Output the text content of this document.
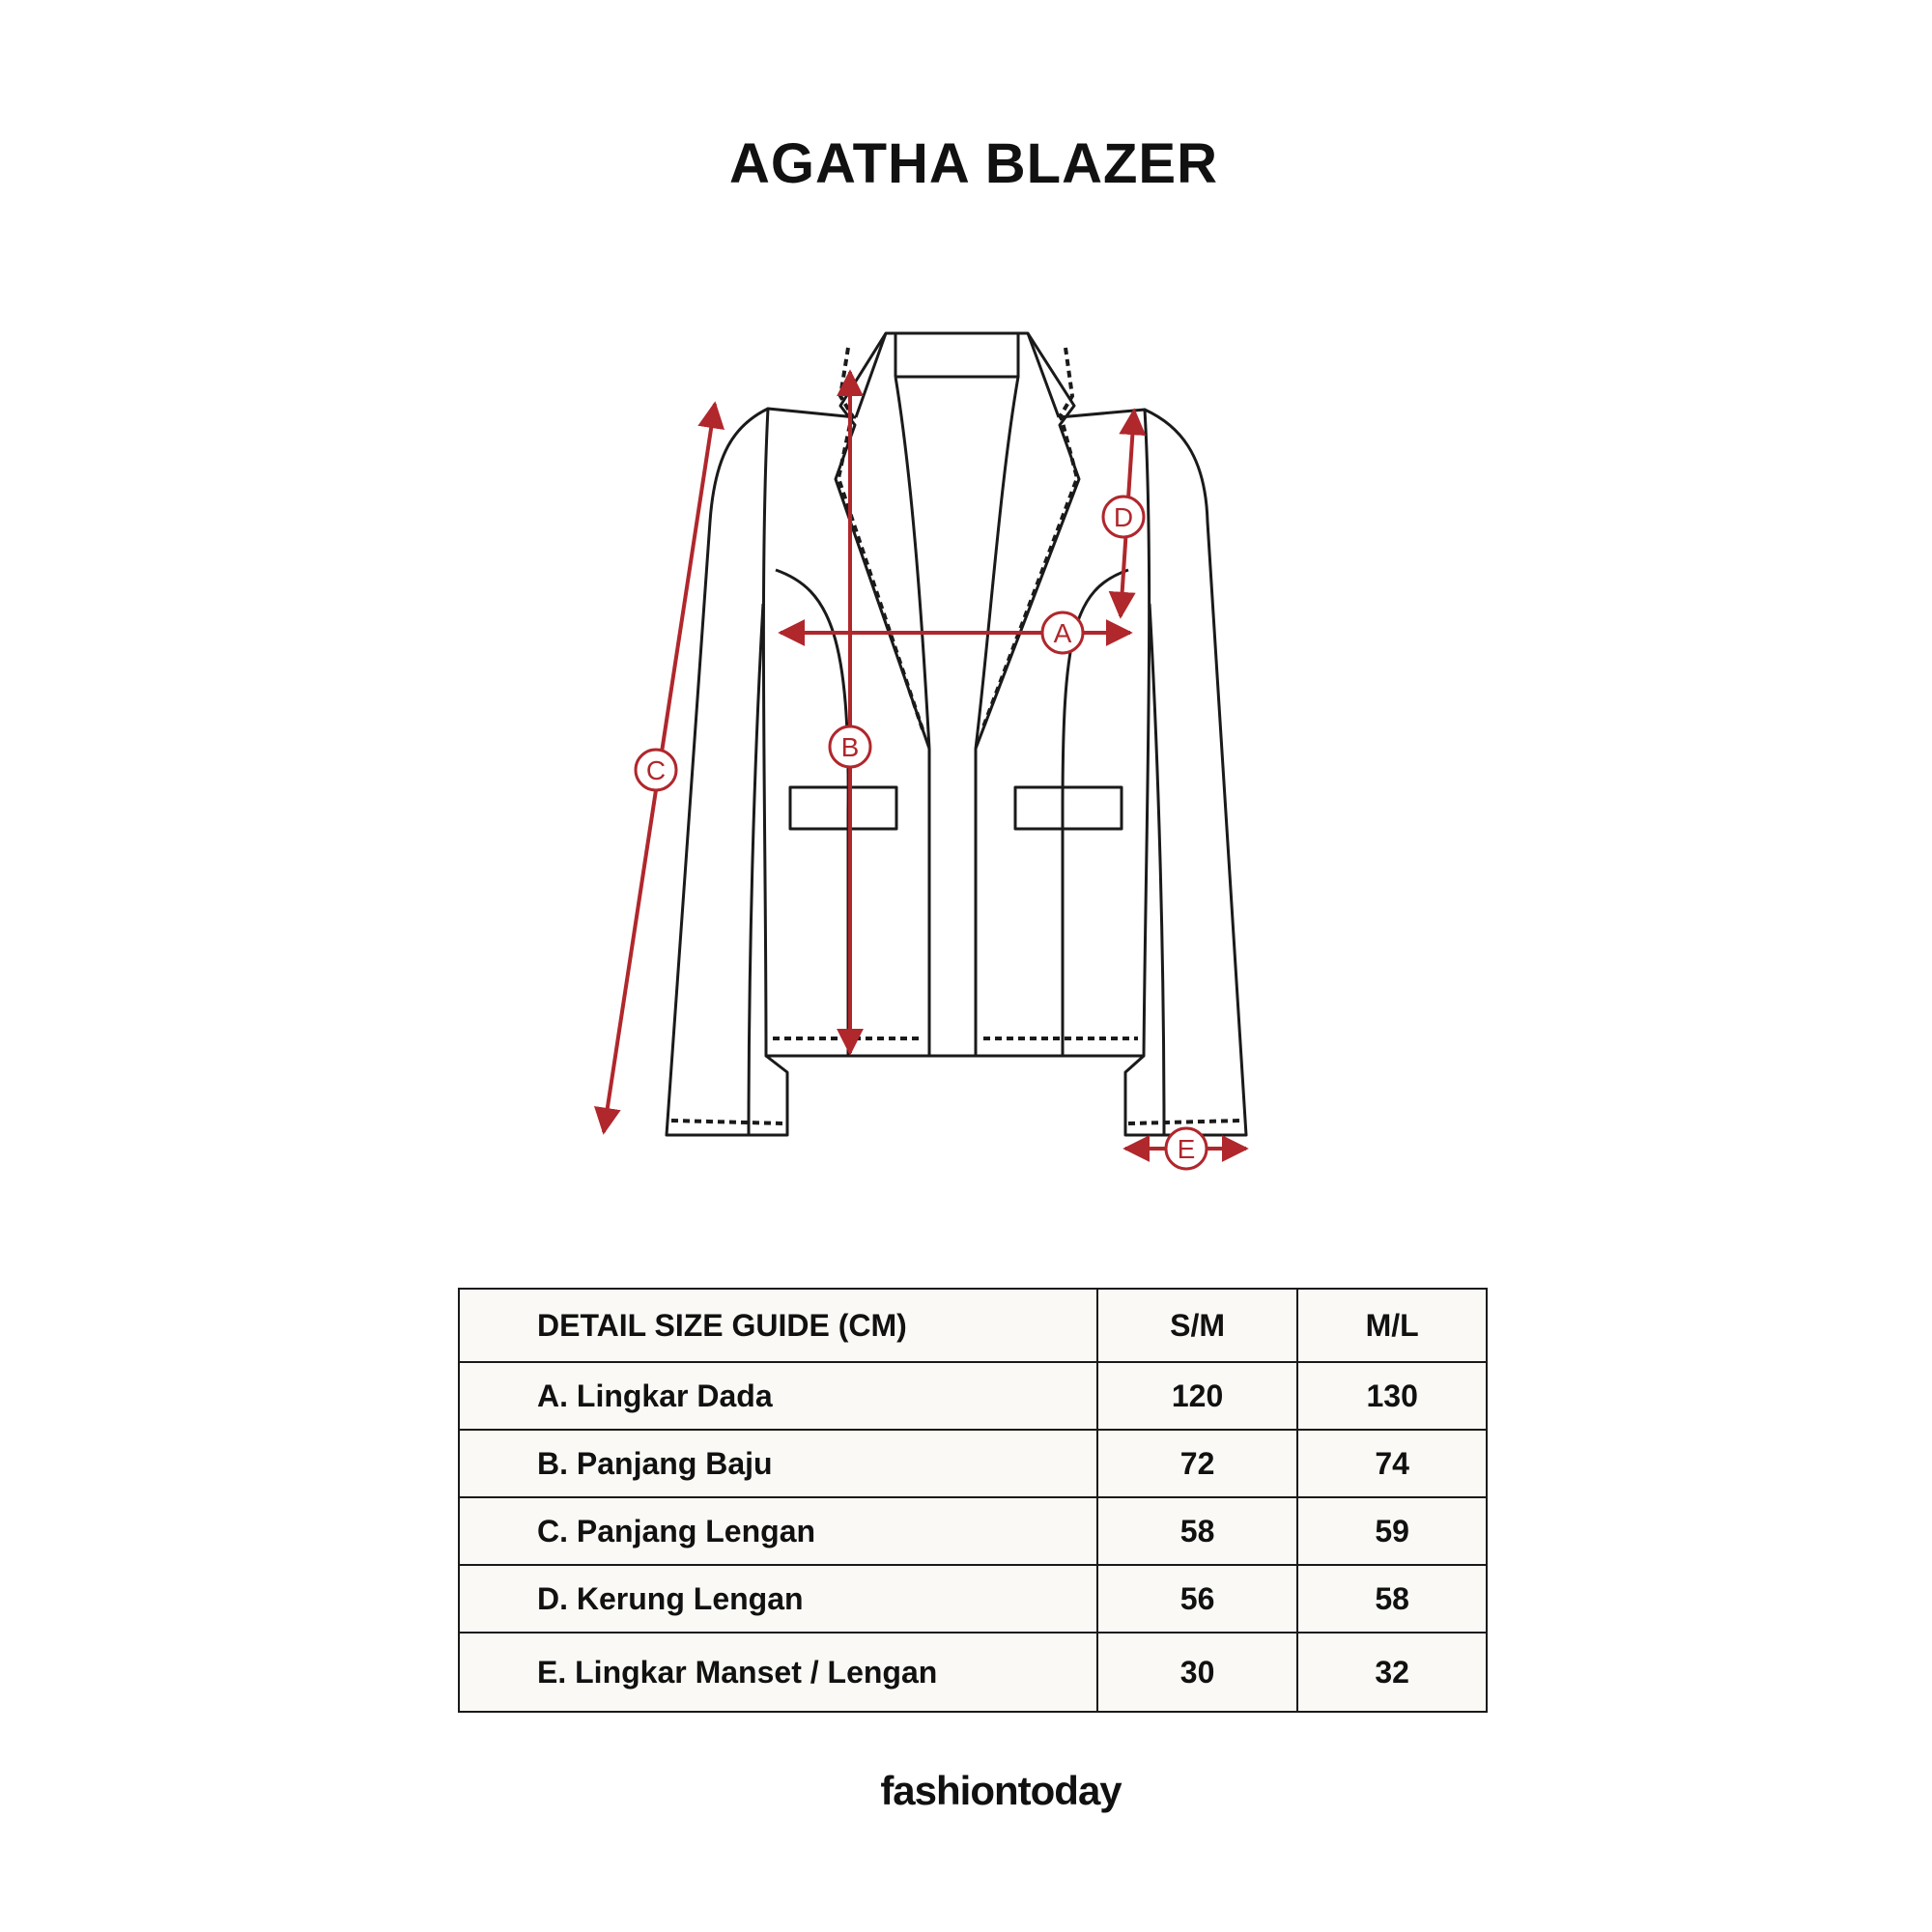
AGATHA BLAZER
A
B
C
D
E
DETAIL SIZE GUIDE (CM)	S/M	M/L
A. Lingkar Dada	120	130
B. Panjang Baju	72	74
C. Panjang Lengan	58	59
D. Kerung Lengan	56	58
E. Lingkar Manset / Lengan	30	32
fashiontoday
